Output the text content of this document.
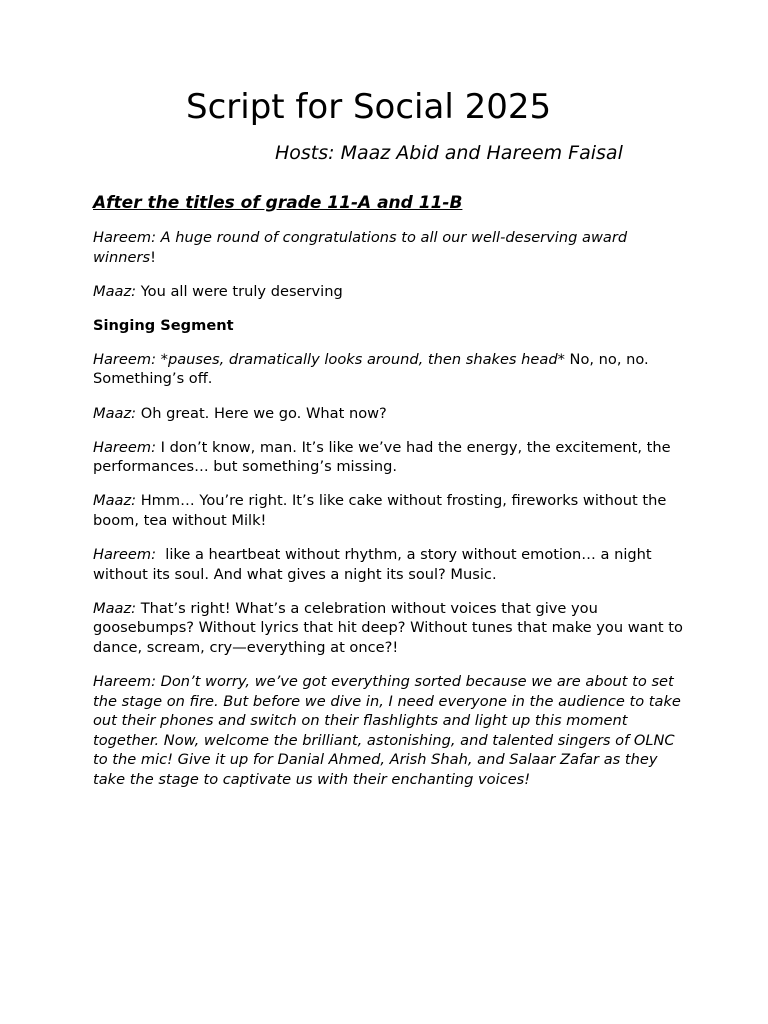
Script for Social 2025
Hosts: Maaz Abid and Hareem Faisal
After the titles of grade 11-A and 11-B
Hareem: A huge round of congratulations to all our well-deserving award winners!
Maaz: You all were truly deserving
Singing Segment
Hareem: *pauses, dramatically looks around, then shakes head* No, no, no. Something’s off.
Maaz: Oh great. Here we go. What now?
Hareem: I don’t know, man. It’s like we’ve had the energy, the excitement, the performances… but something’s missing.
Maaz: Hmm… You’re right. It’s like cake without frosting, fireworks without the boom, tea without Milk!
Hareem:  like a heartbeat without rhythm, a story without emotion… a night without its soul. And what gives a night its soul? Music.
Maaz: That’s right! What’s a celebration without voices that give you goosebumps? Without lyrics that hit deep? Without tunes that make you want to dance, scream, cry—everything at once?!
Hareem: Don’t worry, we’ve got everything sorted because we are about to set the stage on fire. But before we dive in, I need everyone in the audience to take out their phones and switch on their flashlights and light up this moment together. Now, welcome the brilliant, astonishing, and talented singers of OLNC to the mic! Give it up for Danial Ahmed, Arish Shah, and Salaar Zafar as they take the stage to captivate us with their enchanting voices!
